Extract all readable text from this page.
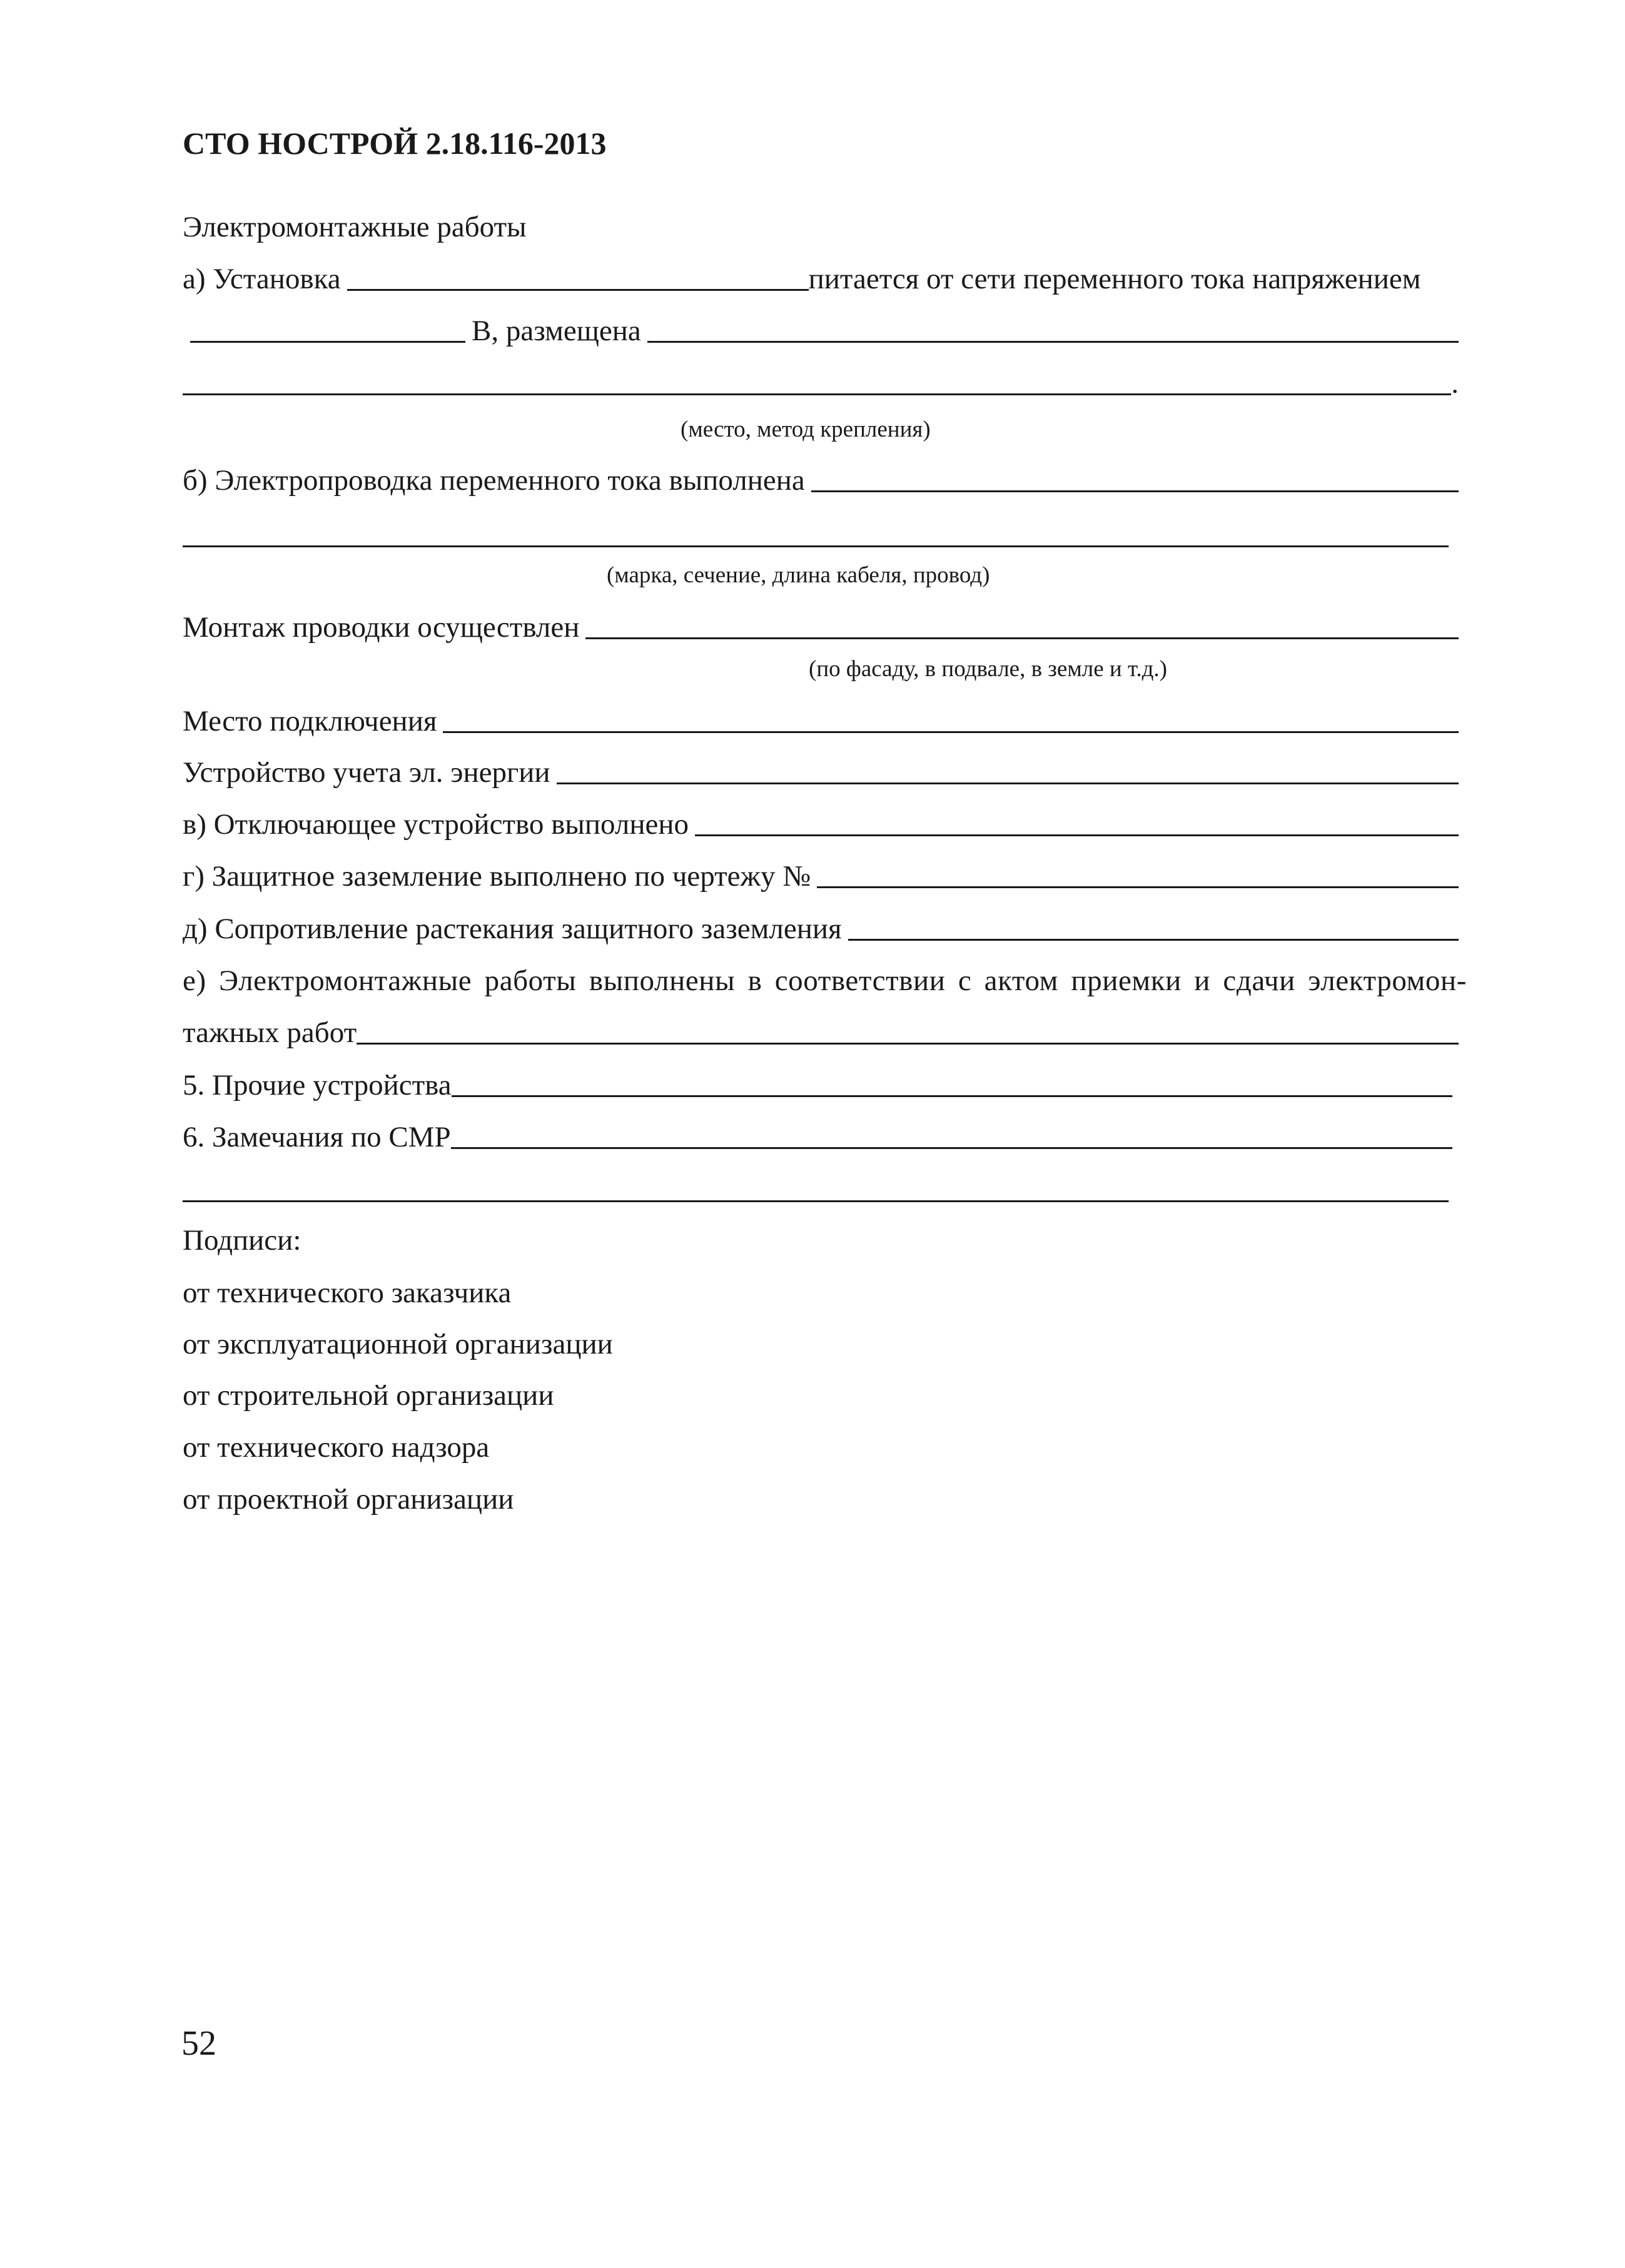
СТО НОСТРОЙ 2.18.116-2013
Электромонтажные работы
а) Установка	питается от сети переменного тока напряжением
В, размещена
.
(место, метод крепления)
б) Электропроводка переменного тока выполнена
(марка, сечение, длина кабеля, провод)
Монтаж проводки осуществлен
(по фасаду, в подвале, в земле и т.д.)
Место подключения
Устройство учета эл. энергии
в) Отключающее устройство выполнено
г) Защитное заземление выполнено по чертежу №
д) Сопротивление растекания защитного заземления
е) Электромонтажные работы выполнены в соответствии с актом приемки и сдачи электромон-
тажных работ
5. Прочие устройства
6. Замечания по СМР
Подписи:
от технического заказчика
от эксплуатационной организации
от строительной организации
от технического надзора
от проектной организации
52
